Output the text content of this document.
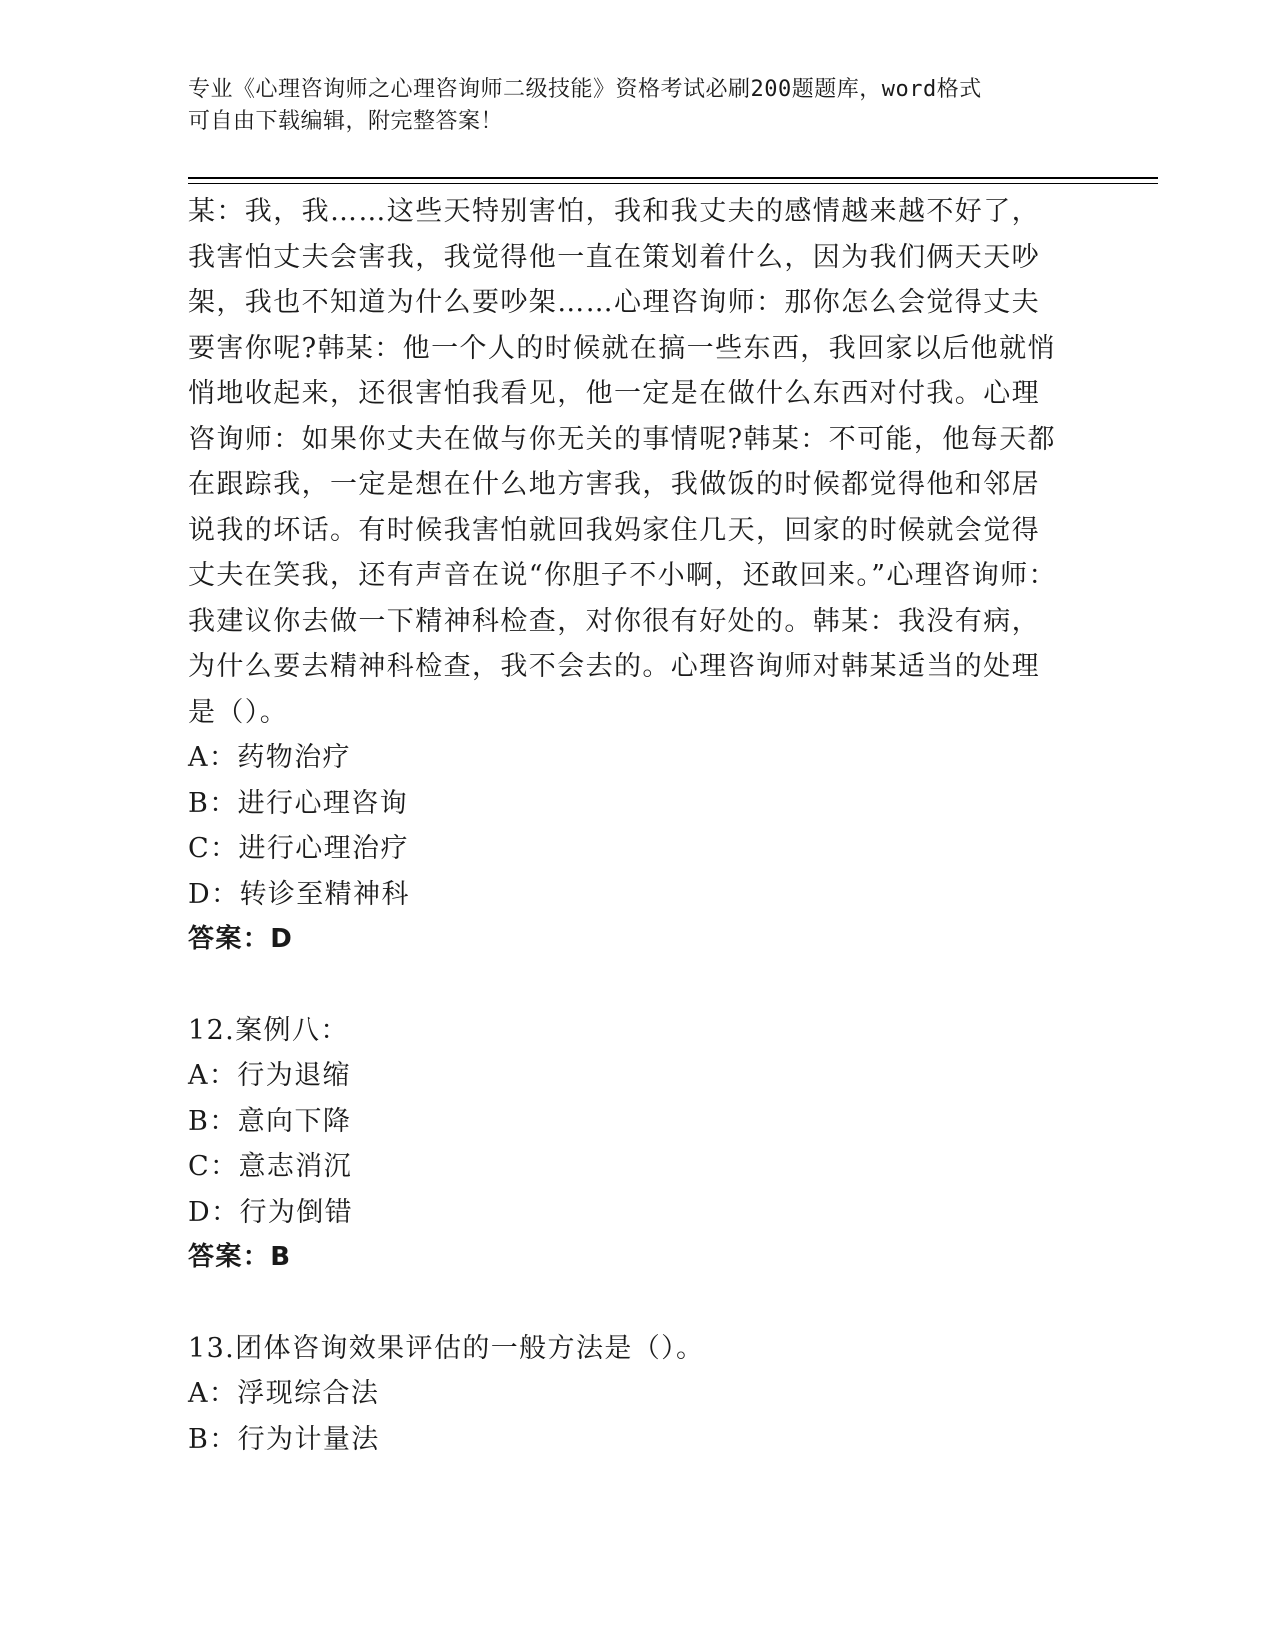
专业《心理咨询师之心理咨询师二级技能》资格考试必刷200题题库，word格式
可自由下载编辑，附完整答案！

某：我，我……这些天特别害怕，我和我丈夫的感情越来越不好了，我害怕丈夫会害我，我觉得他一直在策划着什么，因为我们俩天天吵架，我也不知道为什么要吵架……心理咨询师：那你怎么会觉得丈夫要害你呢?韩某：他一个人的时候就在搞一些东西，我回家以后他就悄悄地收起来，还很害怕我看见，他一定是在做什么东西对付我。心理咨询师：如果你丈夫在做与你无关的事情呢?韩某：不可能，他每天都在跟踪我，一定是想在什么地方害我，我做饭的时候都觉得他和邻居说我的坏话。有时候我害怕就回我妈家住几天，回家的时候就会觉得丈夫在笑我，还有声音在说“你胆子不小啊，还敢回来。”心理咨询师：我建议你去做一下精神科检查，对你很有好处的。韩某：我没有病，为什么要去精神科检查，我不会去的。心理咨询师对韩某适当的处理是（）。

A：药物治疗

B：进行心理咨询

C：进行心理治疗

D：转诊至精神科

答案：D

12.案例八：

A：行为退缩

B：意向下降

C：意志消沉

D：行为倒错

答案：B

13.团体咨询效果评估的一般方法是（）。

A：浮现综合法

B：行为计量法
